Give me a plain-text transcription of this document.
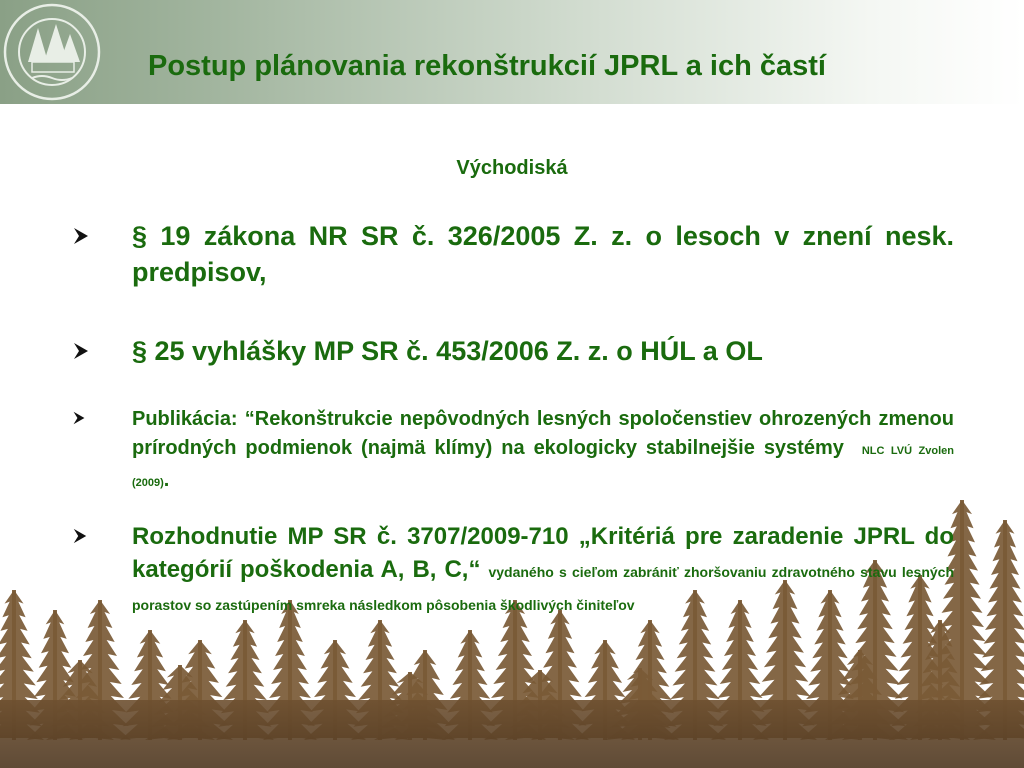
Postup plánovania rekonštrukcií JPRL a ich častí
Východiská
§ 19 zákona NR SR č. 326/2005 Z. z. o lesoch v znení nesk. predpisov,
§ 25 vyhlášky MP SR č. 453/2006 Z. z. o HÚL a OL
Publikácia: “Rekonštrukcie nepôvodných lesných spoločenstiev ohrozených zmenou prírodných podmienok (najmä klímy) na ekologicky stabilnejšie systémy NLC LVÚ Zvolen (2009).
Rozhodnutie MP SR č. 3707/2009-710 „Kritériá pre zaradenie JPRL do kategórií poškodenia A, B, C,“ vydaného s cieľom zabrániť zhoršovaniu zdravotného stavu lesných porastov so zastúpením smreka následkom pôsobenia škodlivých činiteľov
